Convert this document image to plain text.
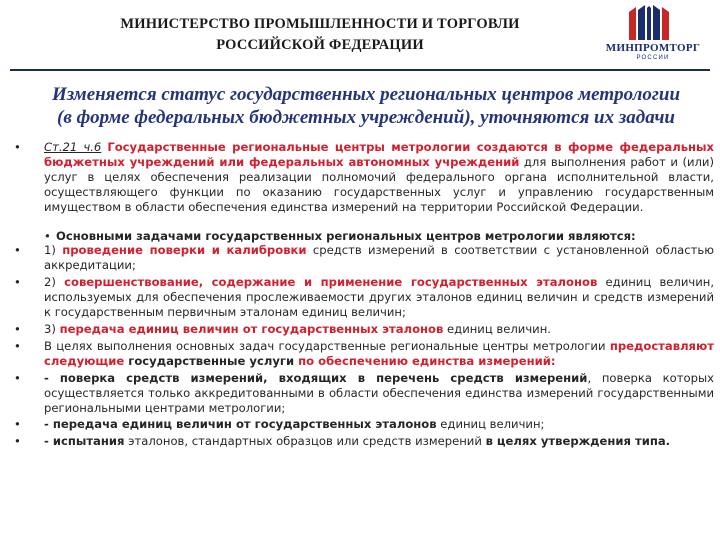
МИНИСТЕРСТВО ПРОМЫШЛЕННОСТИ И ТОРГОВЛИ
РОССИЙСКОЙ ФЕДЕРАЦИИ	МИНПРОМТОРГ
РОССИИ
Изменяется статус государственных региональных центров метрологии
(в форме федеральных бюджетных учреждений), уточняются их задачи
• Ст.21 ч.6 Государственные региональные центры метрологии создаются в форме федеральных бюджетных учреждений или федеральных автономных учреждений для выполнения работ и (или) услуг в целях обеспечения реализации полномочий федерального органа исполнительной власти, осуществляющего функции по оказанию государственных услуг и управлению государственным имуществом в области обеспечения единства измерений на территории Российской Федерации.
• Основными задачами государственных региональных центров метрологии являются:
• 1) проведение поверки и калибровки средств измерений в соответствии с установленной областью аккредитации;
• 2) совершенствование, содержание и применение государственных эталонов единиц величин, используемых для обеспечения прослеживаемости других эталонов единиц величин и средств измерений к государственным первичным эталонам единиц величин;
• 3) передача единиц величин от государственных эталонов единиц величин.
• В целях выполнения основных задач государственные региональные центры метрологии предоставляют следующие государственные услуги по обеспечению единства измерений:
• - поверка средств измерений, входящих в перечень средств измерений, поверка которых осуществляется только аккредитованными в области обеспечения единства измерений государственными региональными центрами метрологии;
• - передача единиц величин от государственных эталонов единиц величин;
• - испытания эталонов, стандартных образцов или средств измерений в целях утверждения типа.
